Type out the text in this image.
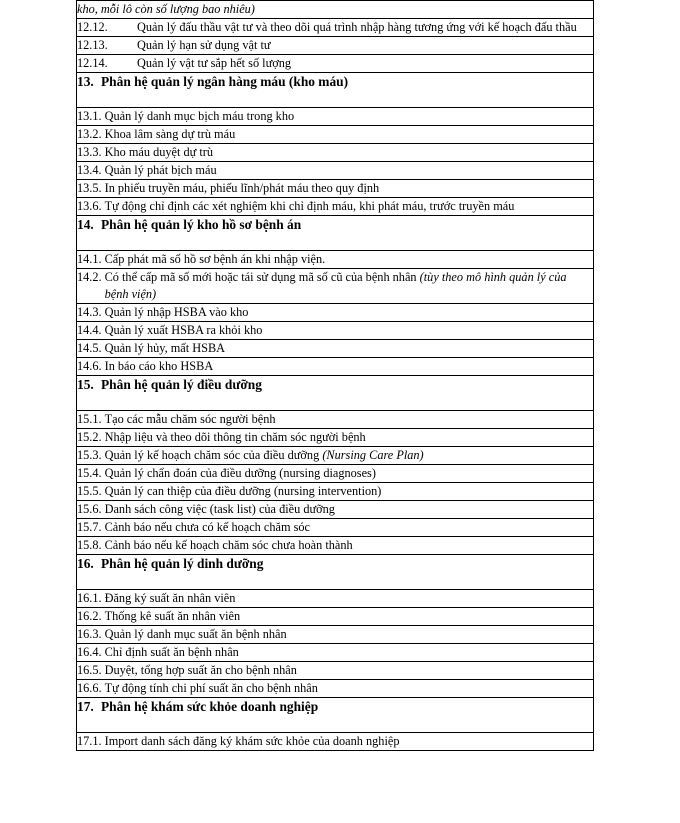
kho, mỗi lô còn số lượng bao nhiêu)

12.12.	Quản lý đấu thầu vật tư và theo dõi quá trình nhập hàng tương ứng với kế hoạch đấu thầu

12.13.	Quản lý hạn sử dụng vật tư

12.14.	Quản lý vật tư sắp hết số lượng

13. Phân hệ quản lý ngân hàng máu (kho máu)

13.1. Quản lý danh mục bịch máu trong kho

13.2. Khoa lâm sàng dự trù máu

13.3. Kho máu duyệt dự trù

13.4. Quản lý phát bịch máu

13.5. In phiếu truyền máu, phiếu lĩnh/phát máu theo quy định

13.6. Tự động chỉ định các xét nghiệm khi chỉ định máu, khi phát máu, trước truyền máu

14. Phân hệ quản lý kho hồ sơ bệnh án

14.1. Cấp phát mã số hồ sơ bệnh án khi nhập viện.

14.2. Có thể cấp mã số mới hoặc tái sử dụng mã số cũ của bệnh nhân (tùy theo mô hình quản lý của bệnh viện)

14.3. Quản lý nhập HSBA vào kho

14.4. Quản lý xuất HSBA ra khỏi kho

14.5. Quản lý hủy, mất HSBA

14.6. In báo cáo kho HSBA

15. Phân hệ quản lý điều dưỡng

15.1. Tạo các mẫu chăm sóc người bệnh

15.2. Nhập liệu và theo dõi thông tin chăm sóc người bệnh

15.3. Quản lý kế hoạch chăm sóc của điều dưỡng (Nursing Care Plan)

15.4. Quản lý chẩn đoán của điều dưỡng (nursing diagnoses)

15.5. Quản lý can thiệp của điều dưỡng (nursing intervention)

15.6. Danh sách công việc (task list) của điều dưỡng

15.7. Cảnh báo nếu chưa có kế hoạch chăm sóc

15.8. Cảnh báo nếu kế hoạch chăm sóc chưa hoàn thành

16. Phân hệ quản lý dinh dưỡng

16.1. Đăng ký suất ăn nhân viên

16.2. Thống kê suất ăn nhân viên

16.3. Quản lý danh mục suất ăn bệnh nhân

16.4. Chỉ định suất ăn bệnh nhân

16.5. Duyệt, tổng hợp suất ăn cho bệnh nhân

16.6. Tự động tính chi phí suất ăn cho bệnh nhân

17. Phân hệ khám sức khỏe doanh nghiệp

17.1. Import danh sách đăng ký khám sức khỏe của doanh nghiệp
